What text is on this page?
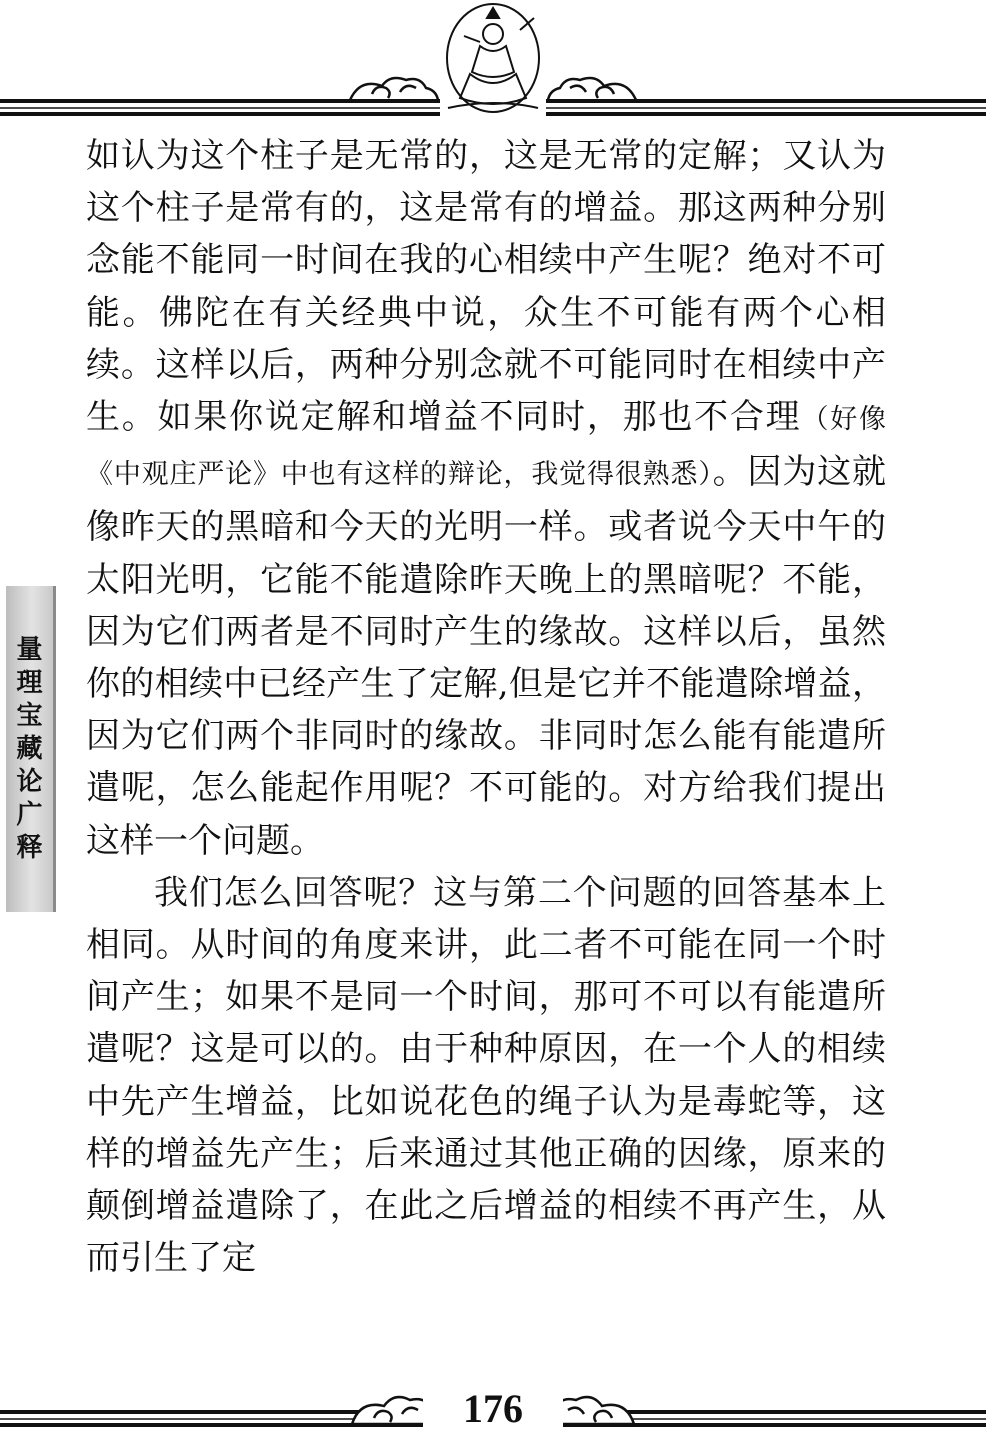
量
理
宝
藏
论
广
释

如认为这个柱子是无常的，这是无常的定解；又认为这个柱子是常有的，这是常有的增益。那这两种分别念能不能同一时间在我的心相续中产生呢？绝对不可能。佛陀在有关经典中说，众生不可能有两个心相续。这样以后，两种分别念就不可能同时在相续中产生。如果你说定解和增益不同时，那也不合理（好像《中观庄严论》中也有这样的辩论，我觉得很熟悉）。因为这就像昨天的黑暗和今天的光明一样。或者说今天中午的太阳光明，它能不能遣除昨天晚上的黑暗呢？不能，因为它们两者是不同时产生的缘故。这样以后，虽然你的相续中已经产生了定解,但是它并不能遣除增益，因为它们两个非同时的缘故。非同时怎么能有能遣所遣呢，怎么能起作用呢？不可能的。对方给我们提出这样一个问题。

我们怎么回答呢？这与第二个问题的回答基本上相同。从时间的角度来讲，此二者不可能在同一个时间产生；如果不是同一个时间，那可不可以有能遣所遣呢？这是可以的。由于种种原因，在一个人的相续中先产生增益，比如说花色的绳子认为是毒蛇等，这样的增益先产生；后来通过其他正确的因缘，原来的颠倒增益遣除了，在此之后增益的相续不再产生，从而引生了定

176
